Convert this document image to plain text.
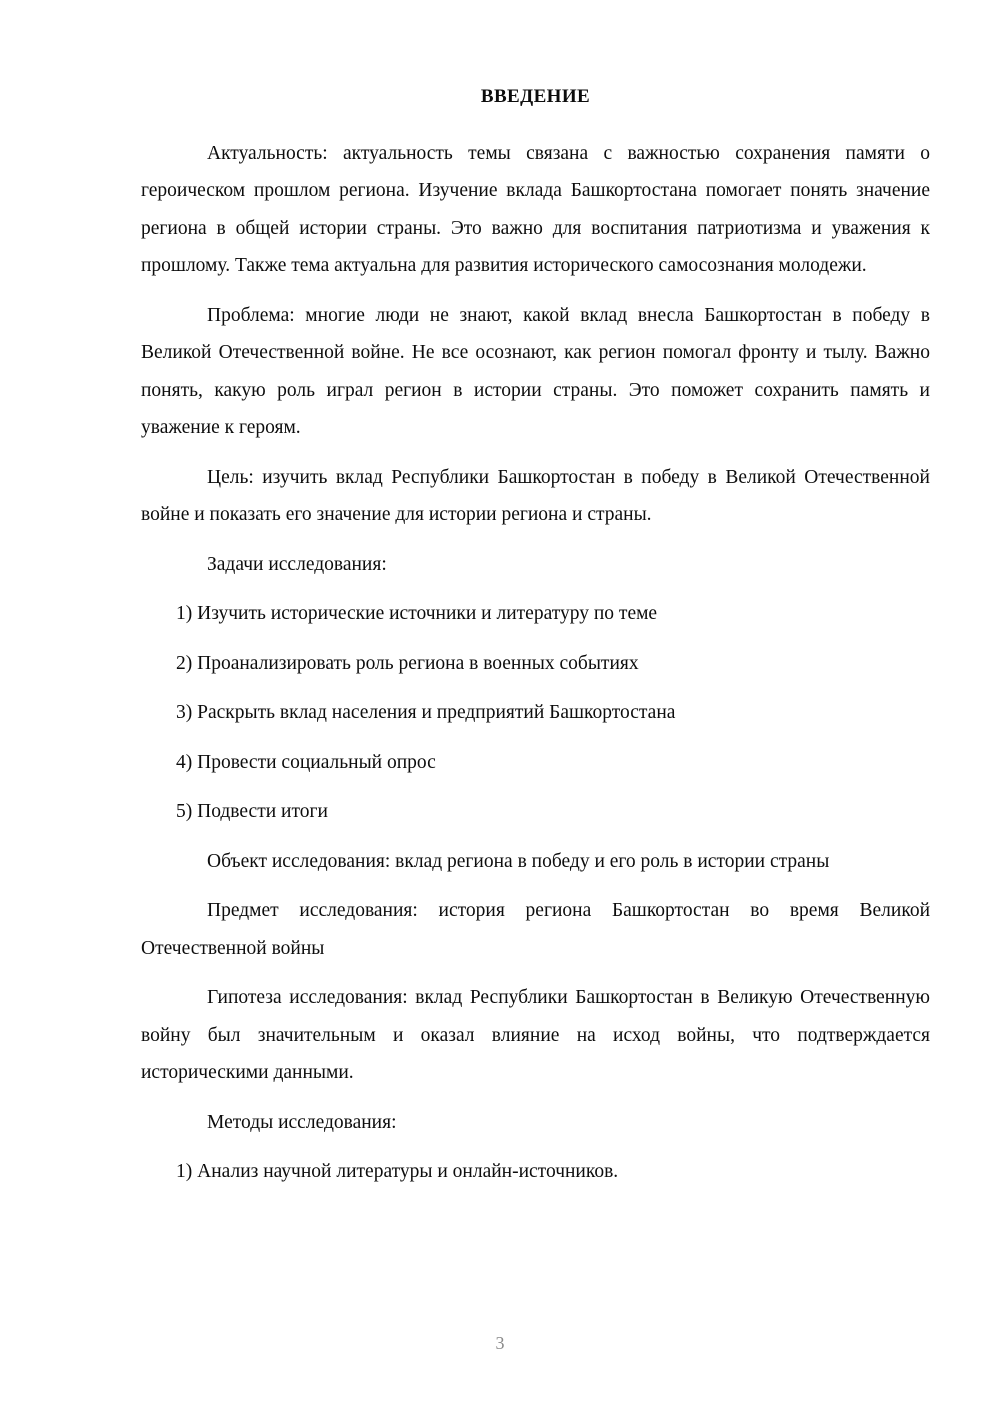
ВВЕДЕНИЕ

Актуальность: актуальность темы связана с важностью сохранения памяти о героическом прошлом региона. Изучение вклада Башкортостана помогает понять значение региона в общей истории страны. Это важно для воспитания патриотизма и уважения к прошлому. Также тема актуальна для развития исторического самосознания молодежи.

Проблема: многие люди не знают, какой вклад внесла Башкортостан в победу в Великой Отечественной войне. Не все осознают, как регион помогал фронту и тылу. Важно понять, какую роль играл регион в истории страны. Это поможет сохранить память и уважение к героям.

Цель: изучить вклад Республики Башкортостан в победу в Великой Отечественной войне и показать его значение для истории региона и страны.

Задачи исследования:

1) Изучить исторические источники и литературу по теме

2) Проанализировать роль региона в военных событиях

3) Раскрыть вклад населения и предприятий Башкортостана

4) Провести социальный опрос

5) Подвести итоги

Объект исследования: вклад региона в победу и его роль в истории страны

Предмет исследования: история региона Башкортостан во время Великой Отечественной войны

Гипотеза исследования: вклад Республики Башкортостан в Великую Отечественную войну был значительным и оказал влияние на исход войны, что подтверждается историческими данными.

Методы исследования:

1) Анализ научной литературы и онлайн-источников.

3
